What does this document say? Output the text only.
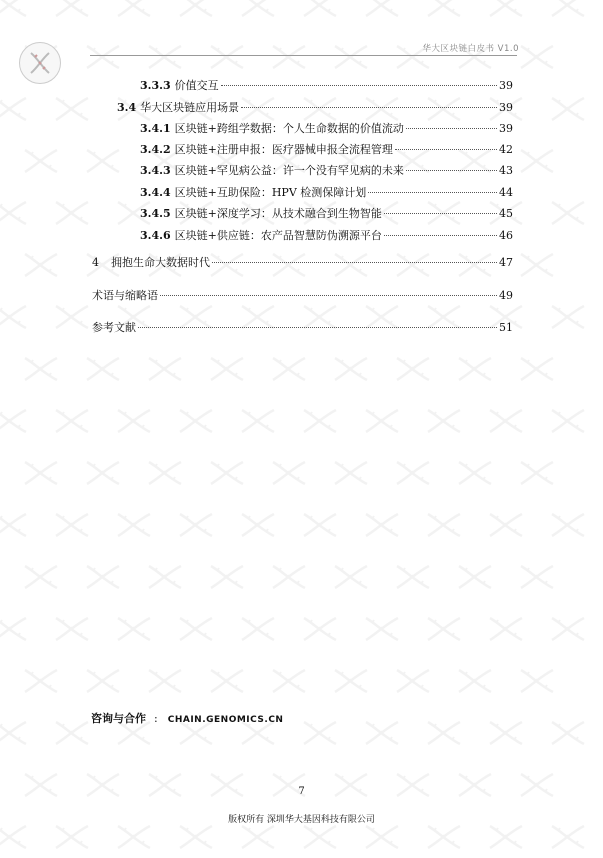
华大区块链白皮书 V1.0
3.3.3 价值交互	39
3.4 华大区块链应用场景	39
3.4.1 区块链+跨组学数据：个人生命数据的价值流动	39
3.4.2 区块链+注册申报：医疗器械申报全流程管理	42
3.4.3 区块链+罕见病公益：许一个没有罕见病的未来	43
3.4.4 区块链+互助保险：HPV 检测保障计划	44
3.4.5 区块链+深度学习：从技术融合到生物智能	45
3.4.6 区块链+供应链：农产品智慧防伪溯源平台	46
4 拥抱生命大数据时代	47
术语与缩略语	49
参考文献	51
咨询与合作 : CHAIN.GENOMICS.CN
7
版权所有 深圳华大基因科技有限公司
